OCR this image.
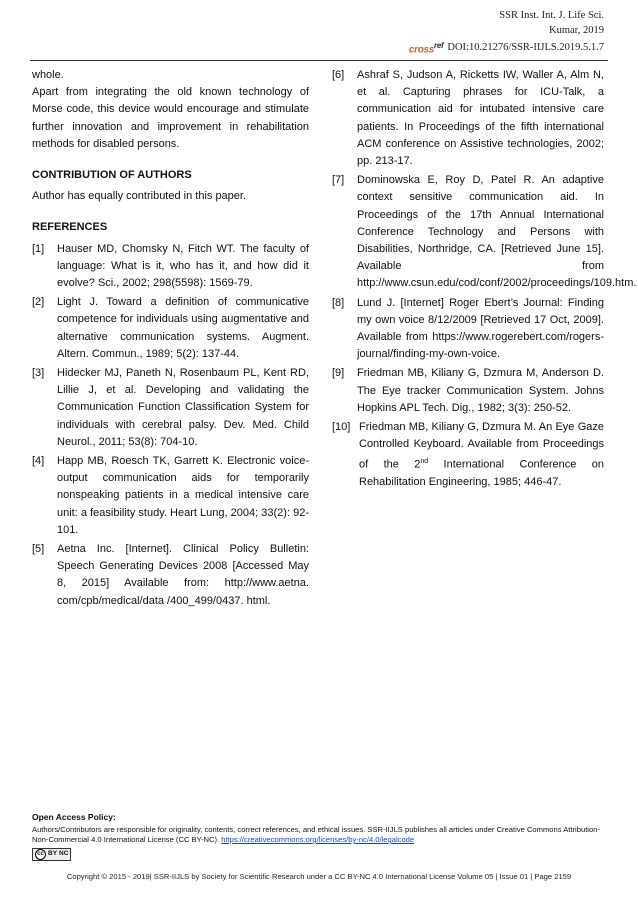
SSR Inst. Int. J. Life Sci.
Kumar, 2019
cross$^{ref}$ DOI:10.21276/SSR-IIJLS.2019.5.1.7

whole.

Apart from integrating the old known technology of Morse code, this device would encourage and stimulate further innovation and improvement in rehabilitation methods for disabled persons.

CONTRIBUTION OF AUTHORS

Author has equally contributed in this paper.

REFERENCES
[1] Hauser MD, Chomsky N, Fitch WT. The faculty of language: What is it, who has it, and how did it evolve? Sci., 2002; 298(5598): 1569-79.
[2] Light J. Toward a definition of communicative competence for individuals using augmentative and alternative communication systems. Augment. Altern. Commun., 1989; 5(2): 137-44.
[3] Hidecker MJ, Paneth N, Rosenbaum PL, Kent RD, Lillie J, et al. Developing and validating the Communication Function Classification System for individuals with cerebral palsy. Dev. Med. Child Neurol., 2011; 53(8): 704-10.
[4] Happ MB, Roesch TK, Garrett K. Electronic voice-output communication aids for temporarily nonspeaking patients in a medical intensive care unit: a feasibility study. Heart Lung, 2004; 33(2): 92-101.
[5] Aetna Inc. [Internet]. Clinical Policy Bulletin: Speech Generating Devices 2008 [Accessed May 8, 2015] Available from: http://www.aetna. com/cpb/medical/data /400_499/0437. html.
[6] Ashraf S, Judson A, Ricketts IW, Waller A, Alm N, et al. Capturing phrases for ICU-Talk, a communication aid for intubated intensive care patients. In Proceedings of the fifth international ACM conference on Assistive technologies, 2002; pp. 213-17.
[7] Dominowska E, Roy D, Patel R. An adaptive context sensitive communication aid. In Proceedings of the 17th Annual International Conference Technology and Persons with Disabilities, Northridge, CA. [Retrieved June 15]. Available from http://www.csun.edu/cod/conf/2002/proceedings/109.htm.
[8] Lund J. [Internet] Roger Ebert’s Journal: Finding my own voice 8/12/2009 [Retrieved 17 Oct, 2009]. Available from https://www.rogerebert.com/rogers-journal/finding-my-own-voice.
[9] Friedman MB, Kiliany G, Dzmura M, Anderson D. The Eye tracker Communication System. Johns Hopkins APL Tech. Dig., 1982; 3(3): 250-52.
[10] Friedman MB, Kiliany G, Dzmura M. An Eye Gaze Controlled Keyboard. Available from Proceedings of the 2nd International Conference on Rehabilitation Engineering, 1985; 446-47.
Open Access Policy:
Authors/Contributors are responsible for originality, contents, correct references, and ethical issues. SSR-IIJLS publishes all articles under Creative Commons Attribution- Non-Commercial 4.0 International License (CC BY-NC). https://creativecommons.org/licenses/by-nc/4.0/legalcode
cc BY NC
Copyright © 2015 - 2019| SSR-IIJLS by Society for Scientific Research under a CC BY-NC 4.0 International License Volume 05 | Issue 01 | Page 2159
